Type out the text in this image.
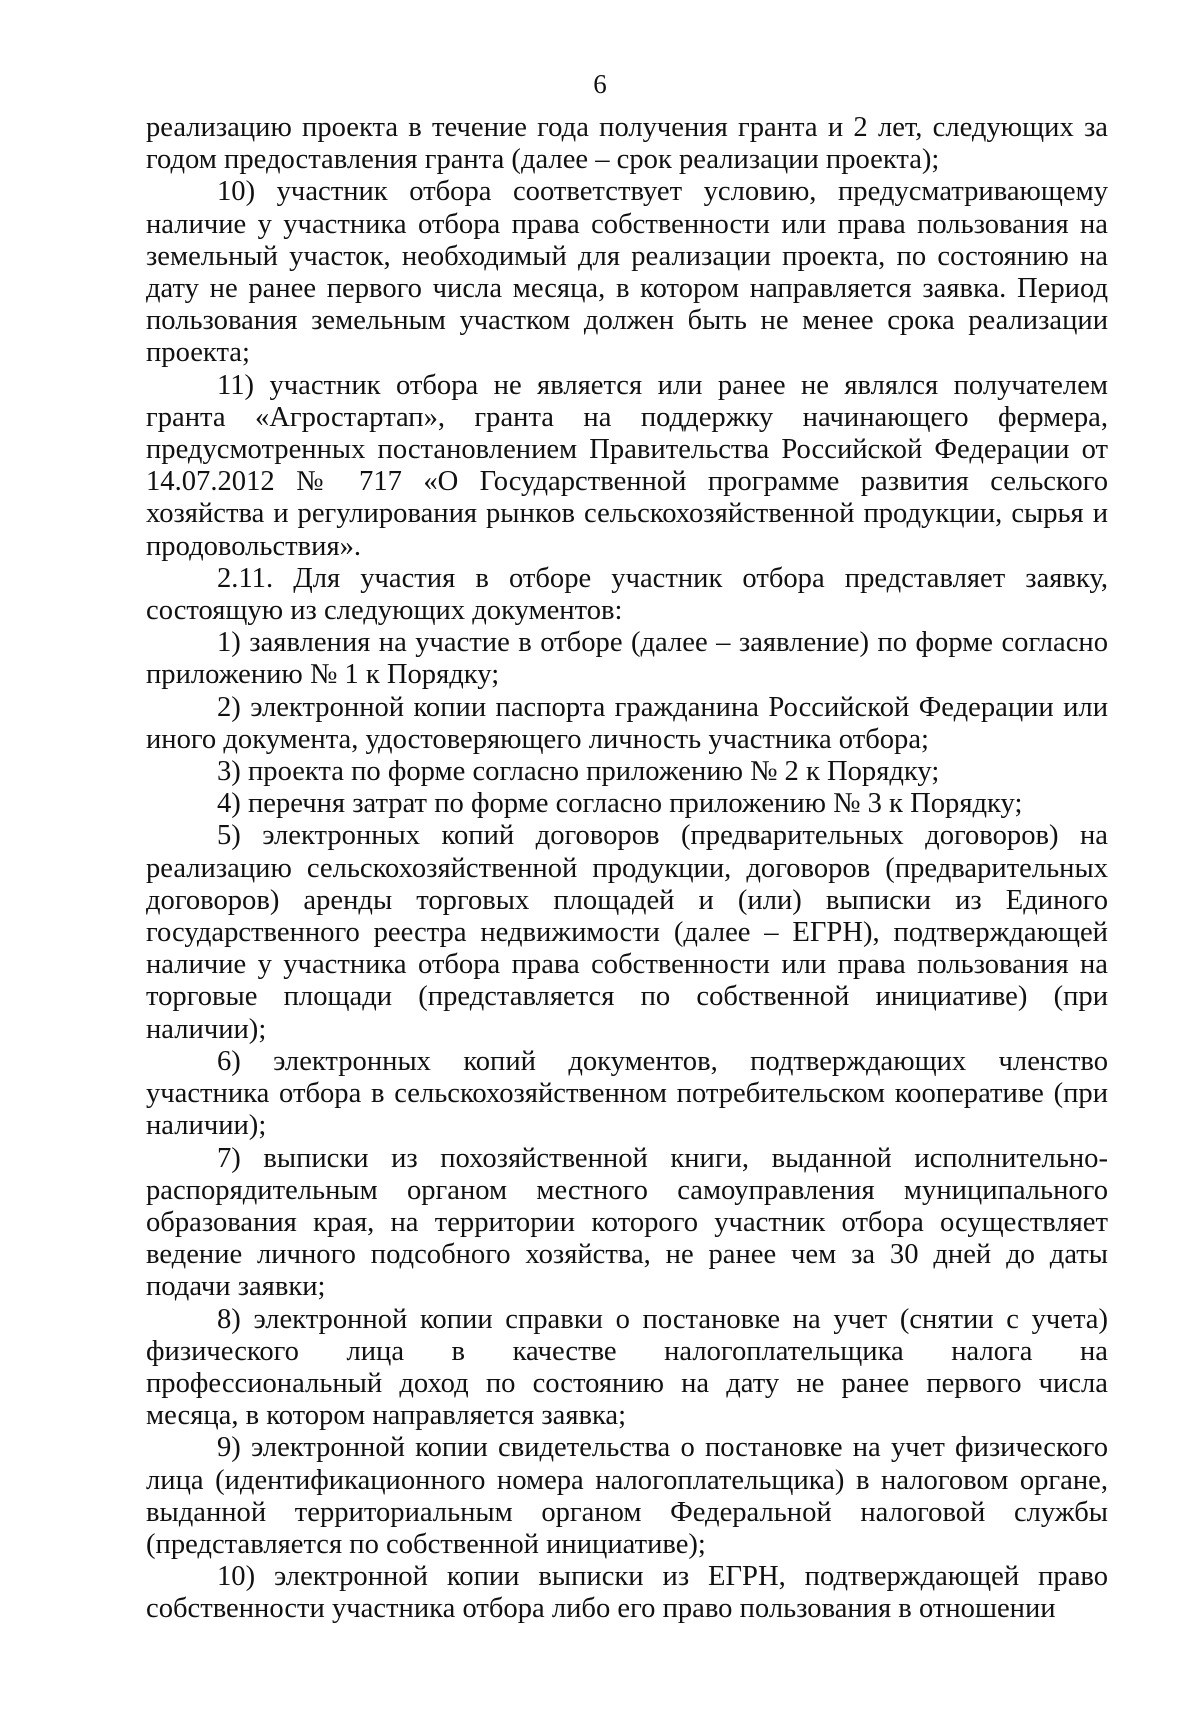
6

реализацию проекта в течение года получения гранта и 2 лет, следующих за годом предоставления гранта (далее – срок реализации проекта);

10) участник отбора соответствует условию, предусматривающему наличие у участника отбора права собственности или права пользования на земельный участок, необходимый для реализации проекта, по состоянию на дату не ранее первого числа месяца, в котором направляется заявка. Период пользования земельным участком должен быть не менее срока реализации проекта;

11) участник отбора не является или ранее не являлся получателем гранта «Агростартап», гранта на поддержку начинающего фермера, предусмотренных постановлением Правительства Российской Федерации от 14.07.2012 № 717 «О Государственной программе развития сельского хозяйства и регулирования рынков сельскохозяйственной продукции, сырья и продовольствия».

2.11. Для участия в отборе участник отбора представляет заявку, состоящую из следующих документов:

1) заявления на участие в отборе (далее – заявление) по форме согласно приложению № 1 к Порядку;

2) электронной копии паспорта гражданина Российской Федерации или иного документа, удостоверяющего личность участника отбора;

3) проекта по форме согласно приложению № 2 к Порядку;

4) перечня затрат по форме согласно приложению № 3 к Порядку;

5) электронных копий договоров (предварительных договоров) на реализацию сельскохозяйственной продукции, договоров (предварительных договоров) аренды торговых площадей и (или) выписки из Единого государственного реестра недвижимости (далее – ЕГРН), подтверждающей наличие у участника отбора права собственности или права пользования на торговые площади (представляется по собственной инициативе) (при наличии);

6) электронных копий документов, подтверждающих членство участника отбора в сельскохозяйственном потребительском кооперативе (при наличии);

7) выписки из похозяйственной книги, выданной исполнительно-распорядительным органом местного самоуправления муниципального образования края, на территории которого участник отбора осуществляет ведение личного подсобного хозяйства, не ранее чем за 30 дней до даты подачи заявки;

8) электронной копии справки о постановке на учет (снятии с учета) физического лица в качестве налогоплательщика налога на профессиональный доход по состоянию на дату не ранее первого числа месяца, в котором направляется заявка;

9) электронной копии свидетельства о постановке на учет физического лица (идентификационного номера налогоплательщика) в налоговом органе, выданной территориальным органом Федеральной налоговой службы (представляется по собственной инициативе);

10) электронной копии выписки из ЕГРН, подтверждающей право собственности участника отбора либо его право пользования в отношении
